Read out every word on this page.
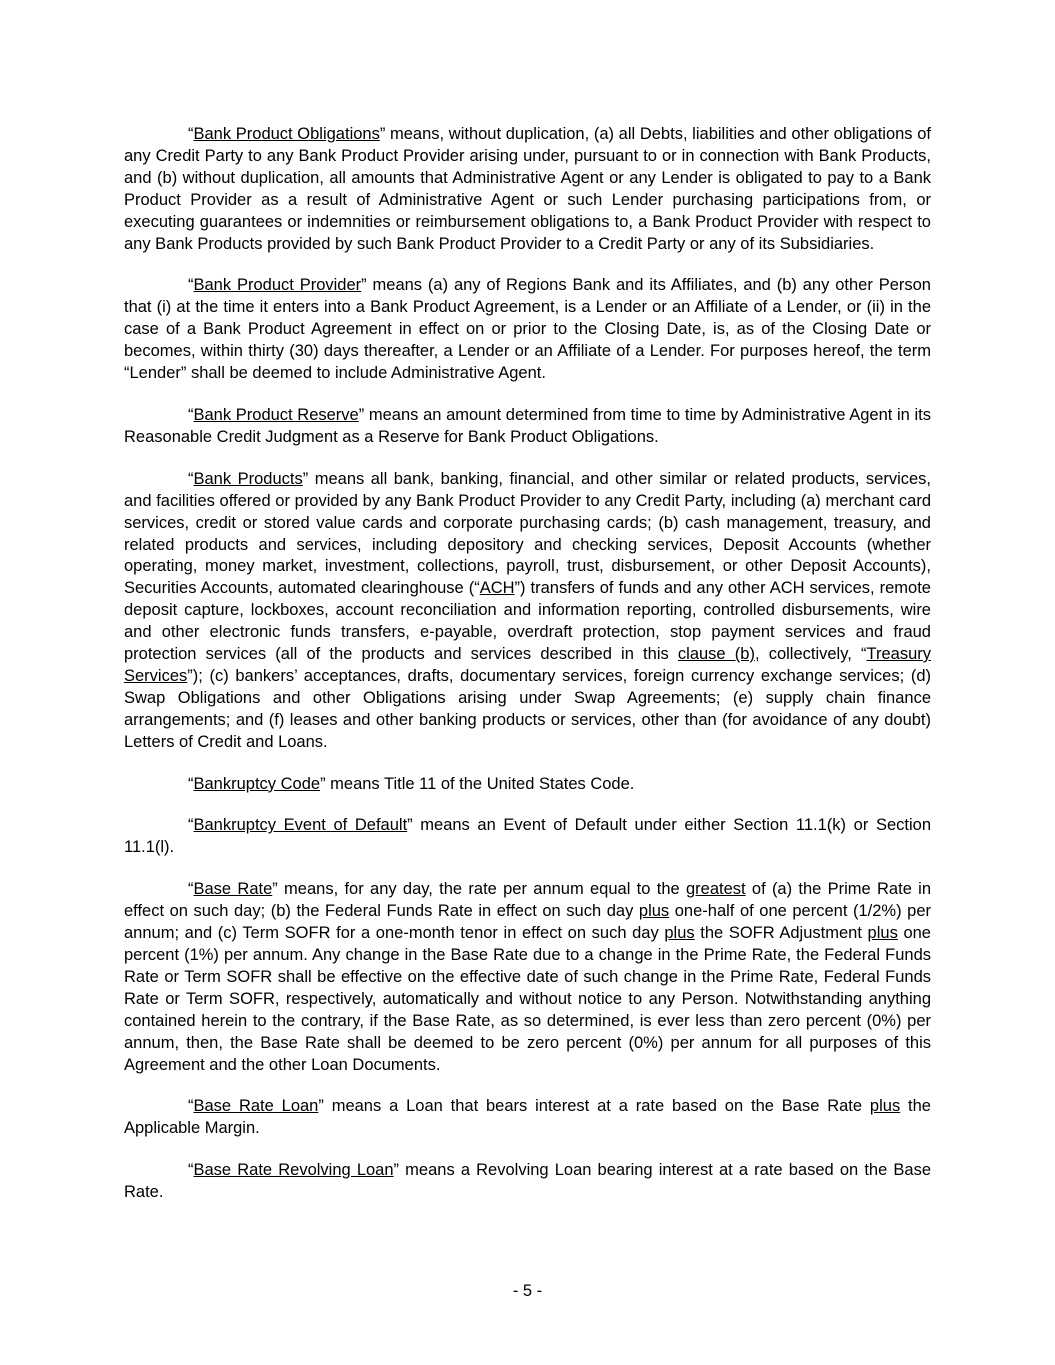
“Bank Product Obligations” means, without duplication, (a) all Debts, liabilities and other obligations of any Credit Party to any Bank Product Provider arising under, pursuant to or in connection with Bank Products, and (b) without duplication, all amounts that Administrative Agent or any Lender is obligated to pay to a Bank Product Provider as a result of Administrative Agent or such Lender purchasing participations from, or executing guarantees or indemnities or reimbursement obligations to, a Bank Product Provider with respect to any Bank Products provided by such Bank Product Provider to a Credit Party or any of its Subsidiaries.

“Bank Product Provider” means (a) any of Regions Bank and its Affiliates, and (b) any other Person that (i) at the time it enters into a Bank Product Agreement, is a Lender or an Affiliate of a Lender, or (ii) in the case of a Bank Product Agreement in effect on or prior to the Closing Date, is, as of the Closing Date or becomes, within thirty (30) days thereafter, a Lender or an Affiliate of a Lender. For purposes hereof, the term “Lender” shall be deemed to include Administrative Agent.

“Bank Product Reserve” means an amount determined from time to time by Administrative Agent in its Reasonable Credit Judgment as a Reserve for Bank Product Obligations.

“Bank Products” means all bank, banking, financial, and other similar or related products, services, and facilities offered or provided by any Bank Product Provider to any Credit Party, including (a) merchant card services, credit or stored value cards and corporate purchasing cards; (b) cash management, treasury, and related products and services, including depository and checking services, Deposit Accounts (whether operating, money market, investment, collections, payroll, trust, disbursement, or other Deposit Accounts), Securities Accounts, automated clearinghouse (“ACH”) transfers of funds and any other ACH services, remote deposit capture, lockboxes, account reconciliation and information reporting, controlled disbursements, wire and other electronic funds transfers, e-payable, overdraft protection, stop payment services and fraud protection services (all of the products and services described in this clause (b), collectively, “Treasury Services”); (c) bankers’ acceptances, drafts, documentary services, foreign currency exchange services; (d) Swap Obligations and other Obligations arising under Swap Agreements; (e) supply chain finance arrangements; and (f) leases and other banking products or services, other than (for avoidance of any doubt) Letters of Credit and Loans.

“Bankruptcy Code” means Title 11 of the United States Code.

“Bankruptcy Event of Default” means an Event of Default under either Section 11.1(k) or Section 11.1(l).

“Base Rate” means, for any day, the rate per annum equal to the greatest of (a) the Prime Rate in effect on such day; (b) the Federal Funds Rate in effect on such day plus one-half of one percent (1/2%) per annum; and (c) Term SOFR for a one-month tenor in effect on such day plus the SOFR Adjustment plus one percent (1%) per annum. Any change in the Base Rate due to a change in the Prime Rate, the Federal Funds Rate or Term SOFR shall be effective on the effective date of such change in the Prime Rate, Federal Funds Rate or Term SOFR, respectively, automatically and without notice to any Person. Notwithstanding anything contained herein to the contrary, if the Base Rate, as so determined, is ever less than zero percent (0%) per annum, then, the Base Rate shall be deemed to be zero percent (0%) per annum for all purposes of this Agreement and the other Loan Documents.

“Base Rate Loan” means a Loan that bears interest at a rate based on the Base Rate plus the Applicable Margin.

“Base Rate Revolving Loan” means a Revolving Loan bearing interest at a rate based on the Base Rate.

- 5 -
